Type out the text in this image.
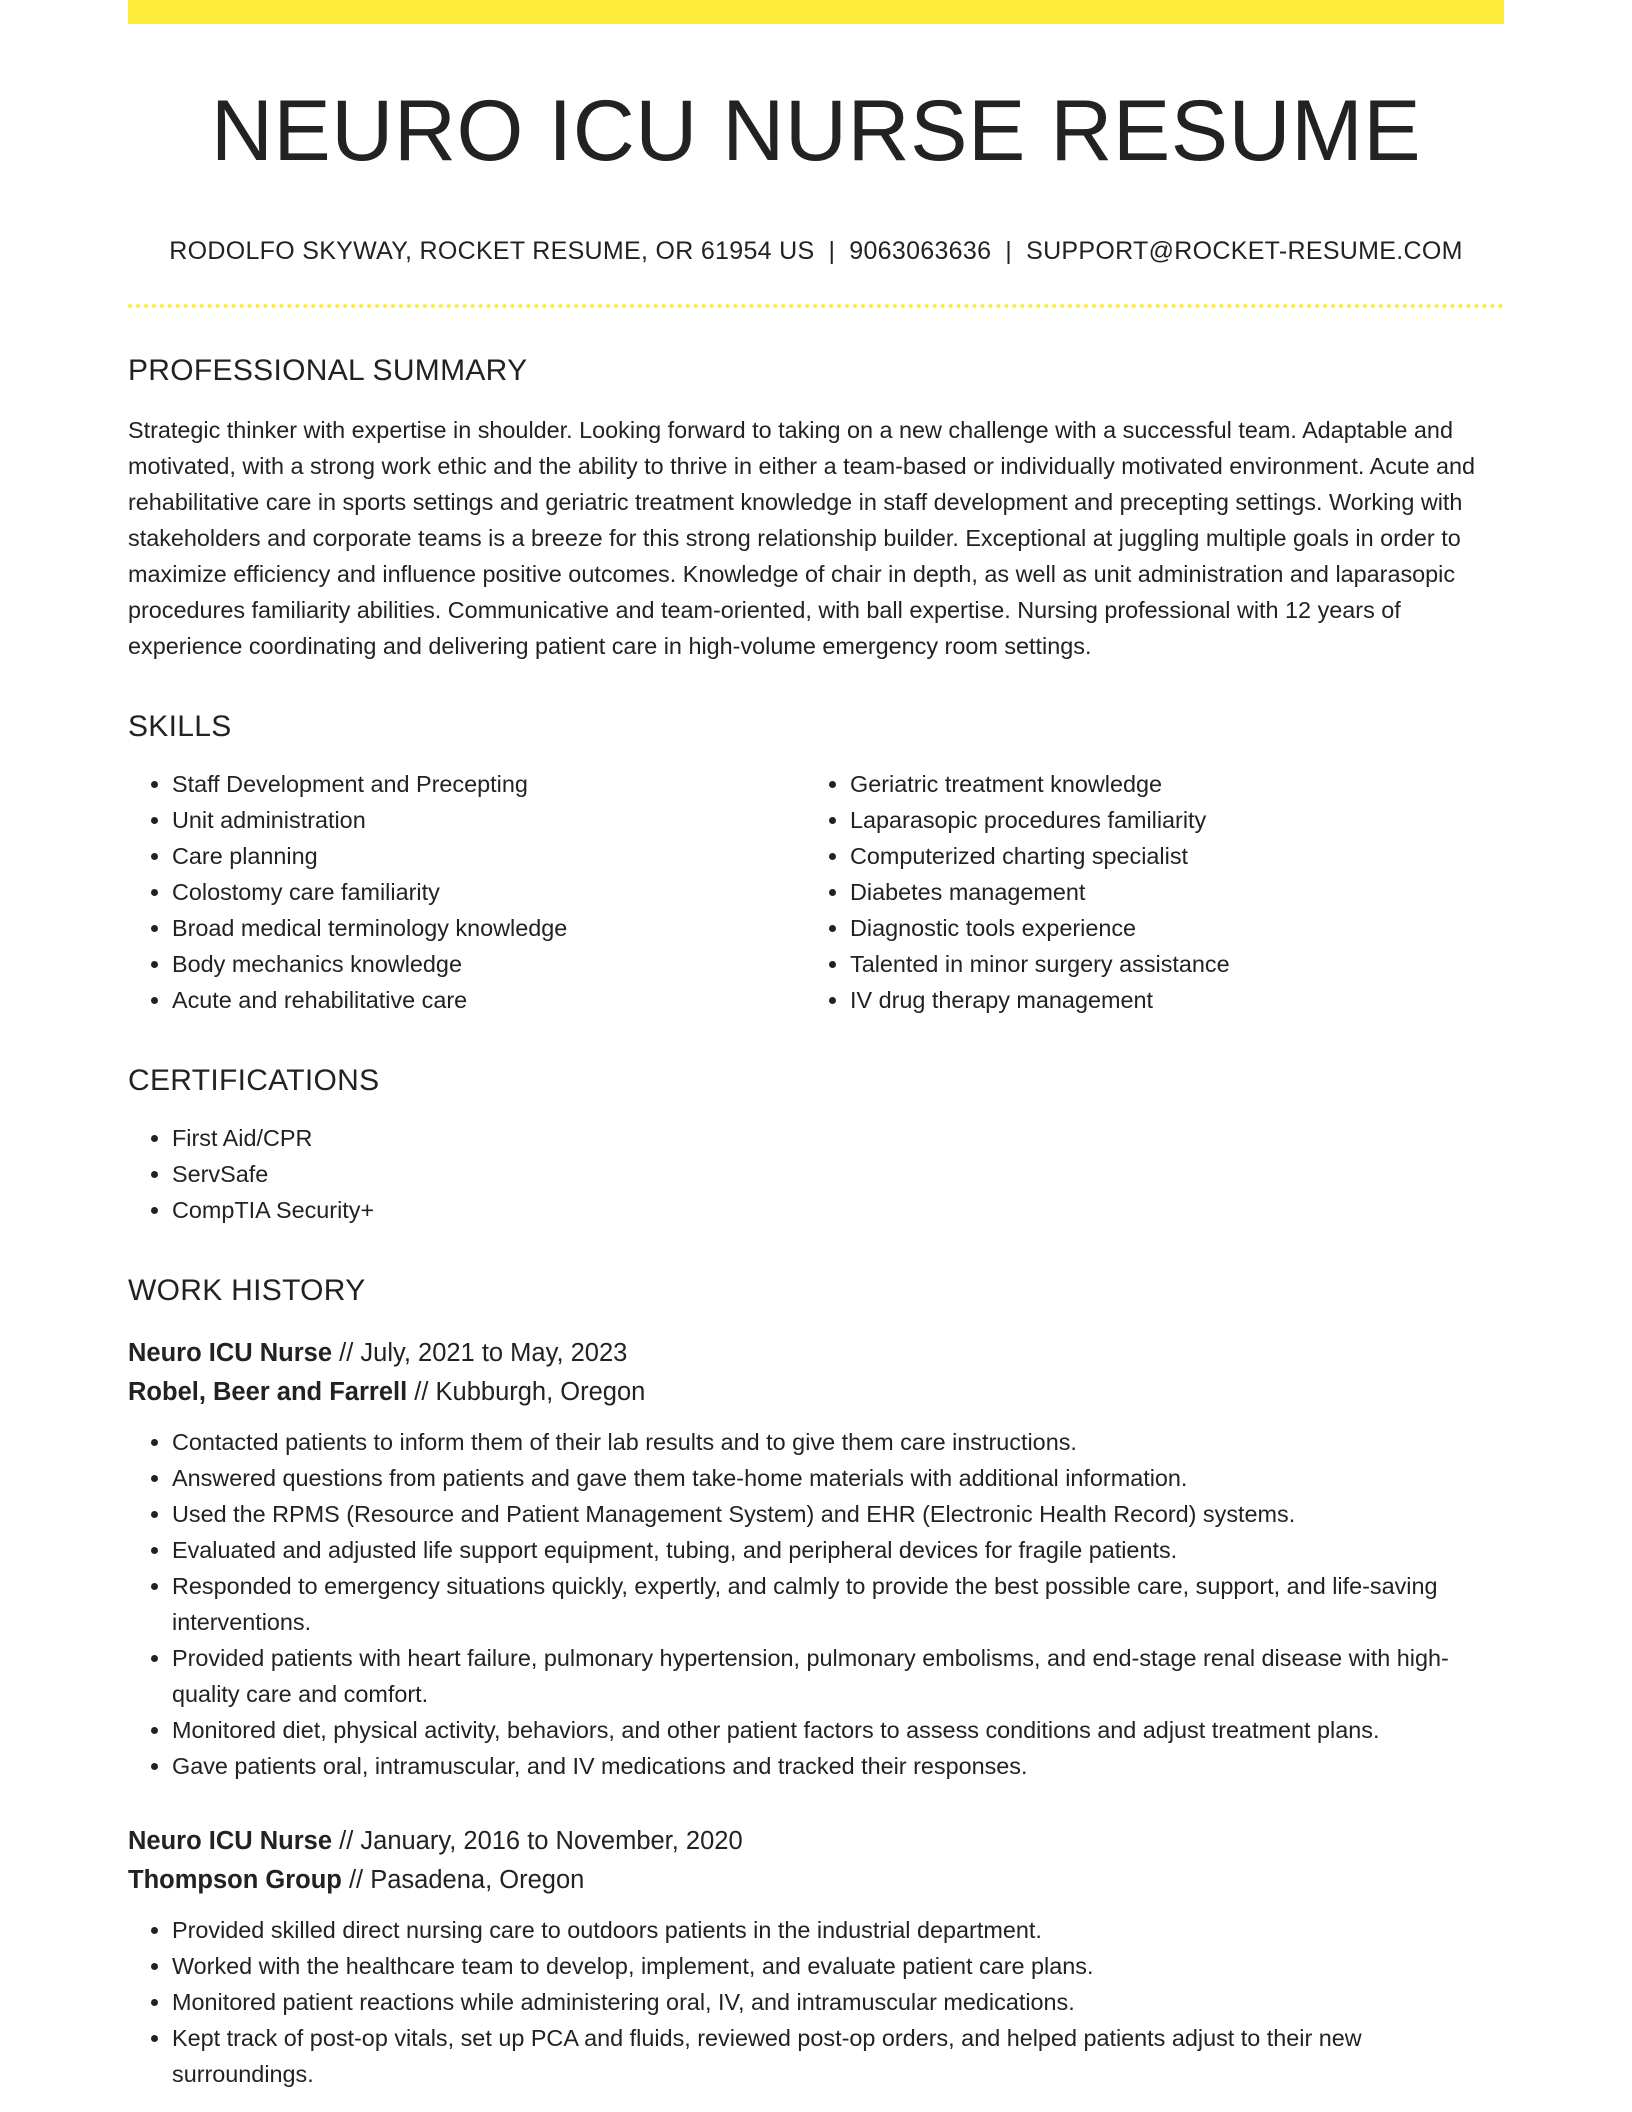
NEURO ICU NURSE RESUME
RODOLFO SKYWAY, ROCKET RESUME, OR 61954 US | 9063063636 | SUPPORT@ROCKET-RESUME.COM
PROFESSIONAL SUMMARY
Strategic thinker with expertise in shoulder. Looking forward to taking on a new challenge with a successful team. Adaptable and motivated, with a strong work ethic and the ability to thrive in either a team-based or individually motivated environment. Acute and rehabilitative care in sports settings and geriatric treatment knowledge in staff development and precepting settings. Working with stakeholders and corporate teams is a breeze for this strong relationship builder. Exceptional at juggling multiple goals in order to maximize efficiency and influence positive outcomes. Knowledge of chair in depth, as well as unit administration and laparasopic procedures familiarity abilities. Communicative and team-oriented, with ball expertise. Nursing professional with 12 years of experience coordinating and delivering patient care in high-volume emergency room settings.
SKILLS
• Staff Development and Precepting
• Unit administration
• Care planning
• Colostomy care familiarity
• Broad medical terminology knowledge
• Body mechanics knowledge
• Acute and rehabilitative care
• Geriatric treatment knowledge
• Laparasopic procedures familiarity
• Computerized charting specialist
• Diabetes management
• Diagnostic tools experience
• Talented in minor surgery assistance
• IV drug therapy management
CERTIFICATIONS
• First Aid/CPR
• ServSafe
• CompTIA Security+
WORK HISTORY
Neuro ICU Nurse // July, 2021 to May, 2023
Robel, Beer and Farrell // Kubburgh, Oregon
• Contacted patients to inform them of their lab results and to give them care instructions.
• Answered questions from patients and gave them take-home materials with additional information.
• Used the RPMS (Resource and Patient Management System) and EHR (Electronic Health Record) systems.
• Evaluated and adjusted life support equipment, tubing, and peripheral devices for fragile patients.
• Responded to emergency situations quickly, expertly, and calmly to provide the best possible care, support, and life-saving interventions.
• Provided patients with heart failure, pulmonary hypertension, pulmonary embolisms, and end-stage renal disease with high-quality care and comfort.
• Monitored diet, physical activity, behaviors, and other patient factors to assess conditions and adjust treatment plans.
• Gave patients oral, intramuscular, and IV medications and tracked their responses.
Neuro ICU Nurse // January, 2016 to November, 2020
Thompson Group // Pasadena, Oregon
• Provided skilled direct nursing care to outdoors patients in the industrial department.
• Worked with the healthcare team to develop, implement, and evaluate patient care plans.
• Monitored patient reactions while administering oral, IV, and intramuscular medications.
• Kept track of post-op vitals, set up PCA and fluids, reviewed post-op orders, and helped patients adjust to their new surroundings.
